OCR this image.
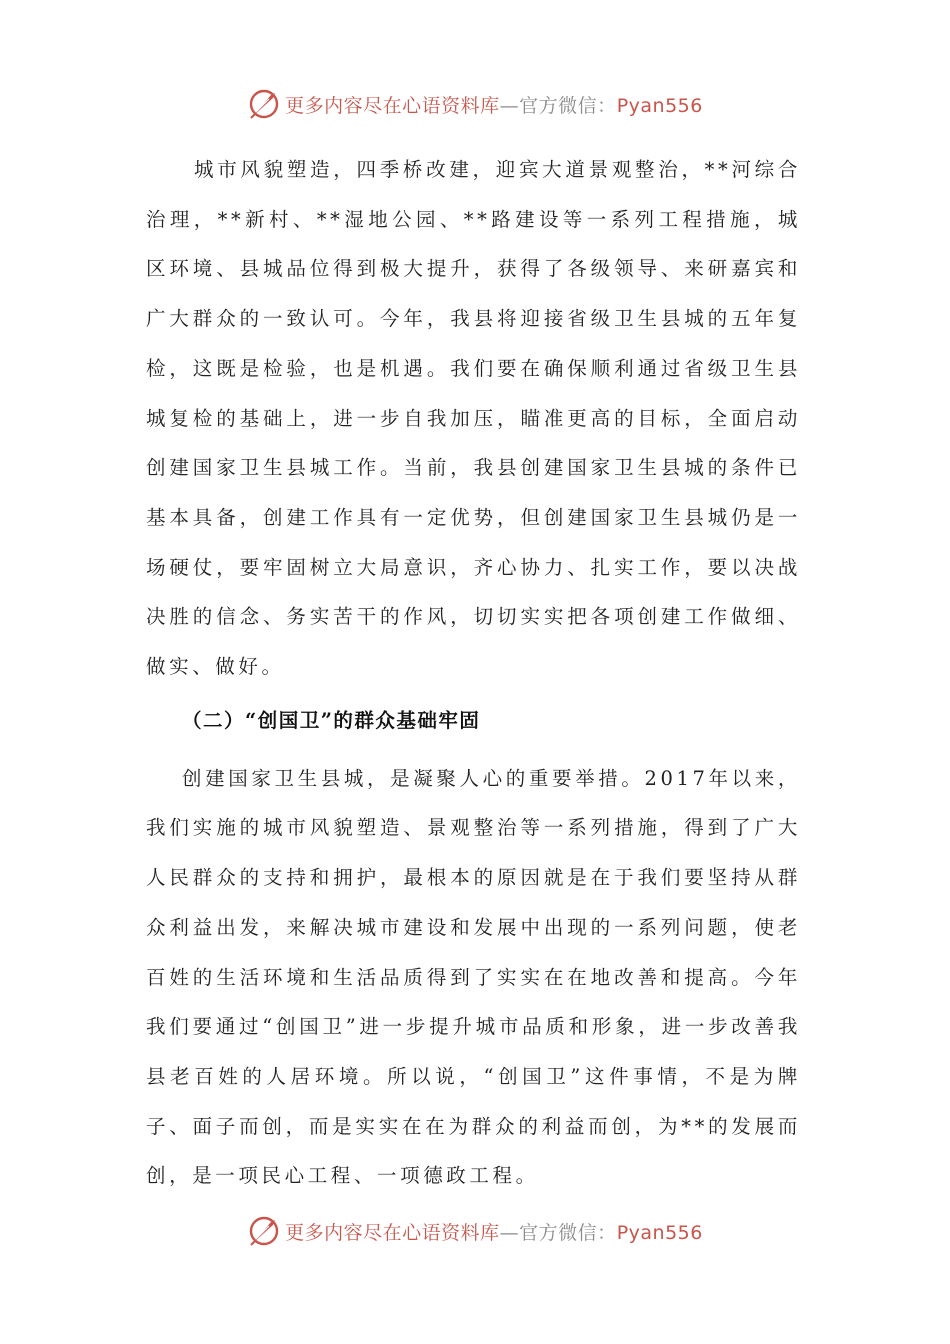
更多内容尽在心语资料库—官方微信：Pyan556

城市风貌塑造，四季桥改建，迎宾大道景观整治，**河综合治理，**新村、**湿地公园、**路建设等一系列工程措施，城区环境、县城品位得到极大提升，获得了各级领导、来研嘉宾和广大群众的一致认可。今年，我县将迎接省级卫生县城的五年复检，这既是检验，也是机遇。我们要在确保顺利通过省级卫生县城复检的基础上，进一步自我加压，瞄准更高的目标，全面启动创建国家卫生县城工作。当前，我县创建国家卫生县城的条件已基本具备，创建工作具有一定优势，但创建国家卫生县城仍是一场硬仗，要牢固树立大局意识，齐心协力、扎实工作，要以决战决胜的信念、务实苦干的作风，切切实实把各项创建工作做细、做实、做好。

（二）“创国卫”的群众基础牢固

创建国家卫生县城，是凝聚人心的重要举措。2017年以来，我们实施的城市风貌塑造、景观整治等一系列措施，得到了广大人民群众的支持和拥护，最根本的原因就是在于我们要坚持从群众利益出发，来解决城市建设和发展中出现的一系列问题，使老百姓的生活环境和生活品质得到了实实在在地改善和提高。今年我们要通过“创国卫”进一步提升城市品质和形象，进一步改善我县老百姓的人居环境。所以说，“创国卫”这件事情，不是为牌子、面子而创，而是实实在在为群众的利益而创，为**的发展而创，是一项民心工程、一项德政工程。

更多内容尽在心语资料库—官方微信：Pyan556
